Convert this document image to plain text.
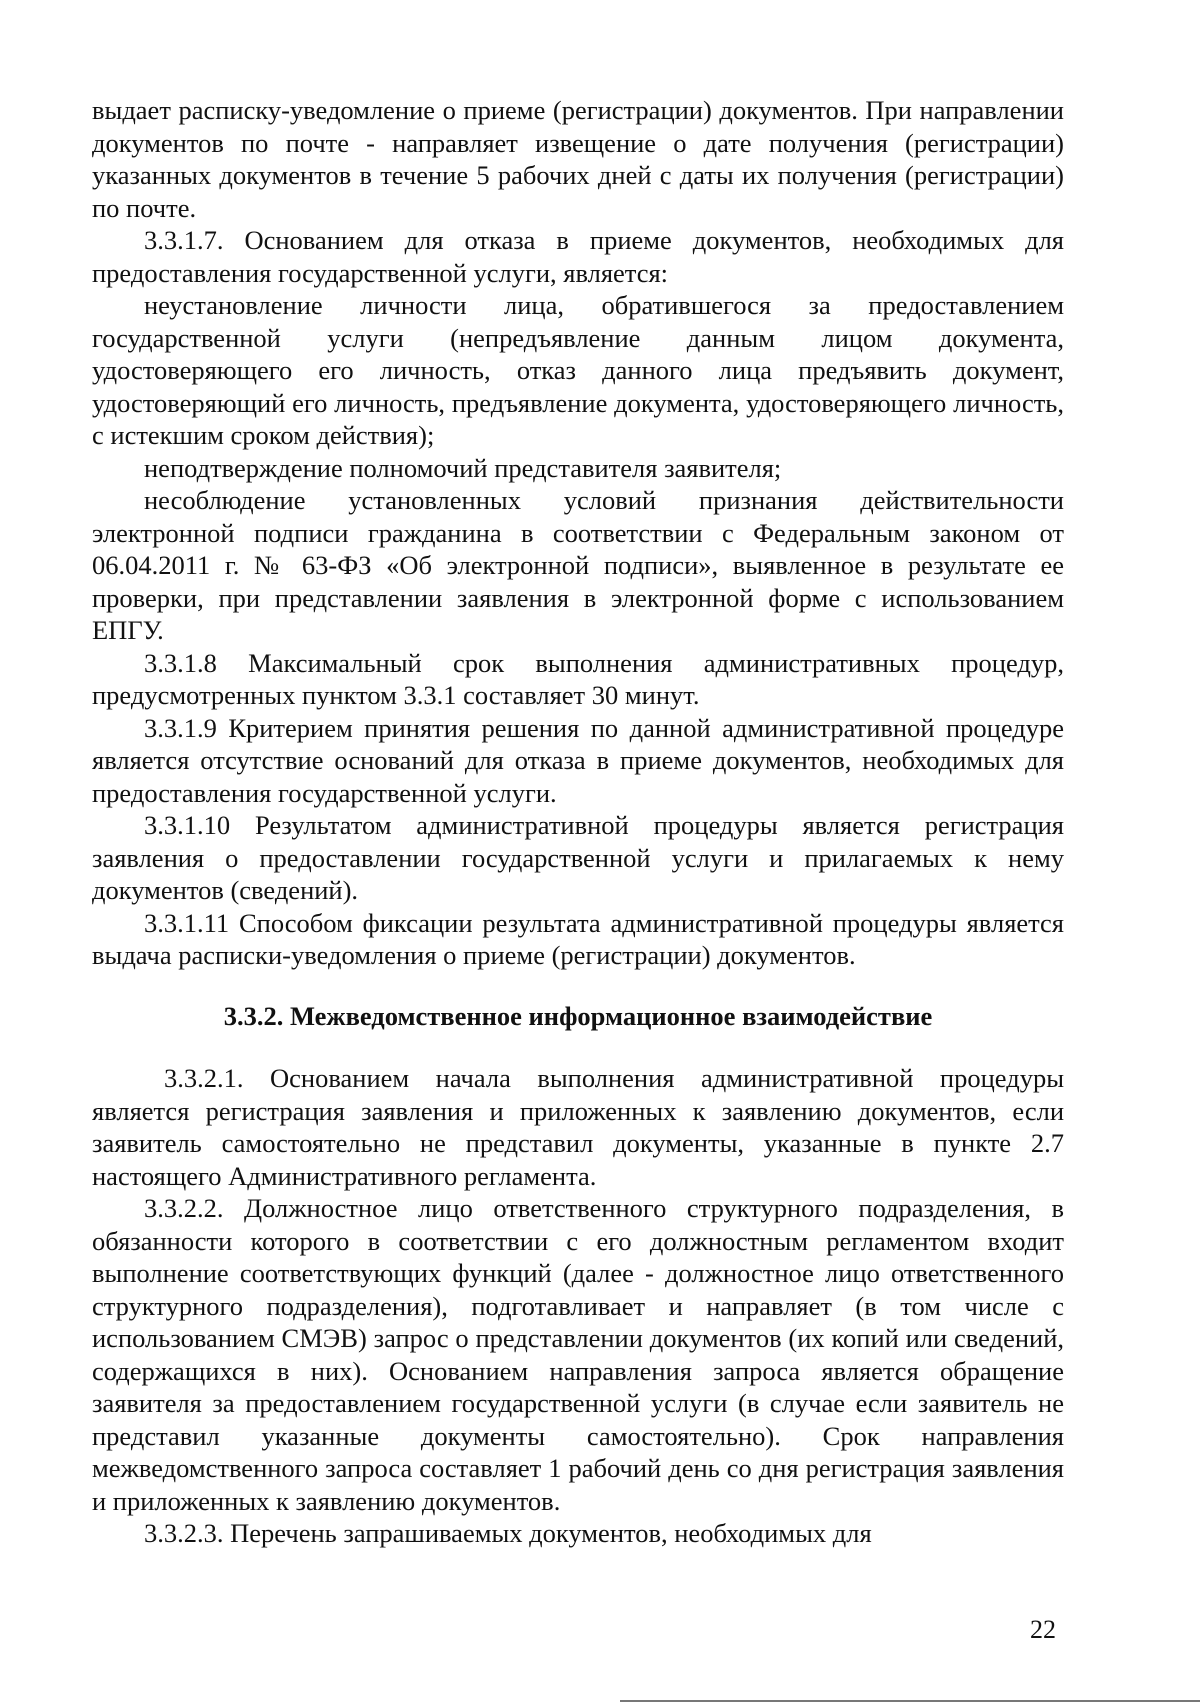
выдает расписку-уведомление о приеме (регистрации) документов. При направлении документов по почте - направляет извещение о дате получения (регистрации) указанных документов в течение 5 рабочих дней с даты их получения (регистрации) по почте.

3.3.1.7. Основанием для отказа в приеме документов, необходимых для предоставления государственной услуги, является:

неустановление личности лица, обратившегося за предоставлением государственной услуги (непредъявление данным лицом документа, удостоверяющего его личность, отказ данного лица предъявить документ, удостоверяющий его личность, предъявление документа, удостоверяющего личность, с истекшим сроком действия);

неподтверждение полномочий представителя заявителя;

несоблюдение установленных условий признания действительности электронной подписи гражданина в соответствии с Федеральным законом от 06.04.2011 г. № 63-ФЗ «Об электронной подписи», выявленное в результате ее проверки, при представлении заявления в электронной форме с использованием ЕПГУ.

3.3.1.8 Максимальный срок выполнения административных процедур, предусмотренных пунктом 3.3.1 составляет 30 минут.

3.3.1.9 Критерием принятия решения по данной административной процедуре является отсутствие оснований для отказа в приеме документов, необходимых для предоставления государственной услуги.

3.3.1.10 Результатом административной процедуры является регистрация заявления о предоставлении государственной услуги и прилагаемых к нему документов (сведений).

3.3.1.11 Способом фиксации результата административной процедуры является выдача расписки-уведомления о приеме (регистрации) документов.

3.3.2. Межведомственное информационное взаимодействие

3.3.2.1. Основанием начала выполнения административной процедуры является регистрация заявления и приложенных к заявлению документов, если заявитель самостоятельно не представил документы, указанные в пункте 2.7 настоящего Административного регламента.

3.3.2.2. Должностное лицо ответственного структурного подразделения, в обязанности которого в соответствии с его должностным регламентом входит выполнение соответствующих функций (далее - должностное лицо ответственного структурного подразделения), подготавливает и направляет (в том числе с использованием СМЭВ) запрос о представлении документов (их копий или сведений, содержащихся в них). Основанием направления запроса является обращение заявителя за предоставлением государственной услуги (в случае если заявитель не представил указанные документы самостоятельно). Срок направления межведомственного запроса составляет 1 рабочий день со дня регистрация заявления и приложенных к заявлению документов.

3.3.2.3. Перечень запрашиваемых документов, необходимых для

22
